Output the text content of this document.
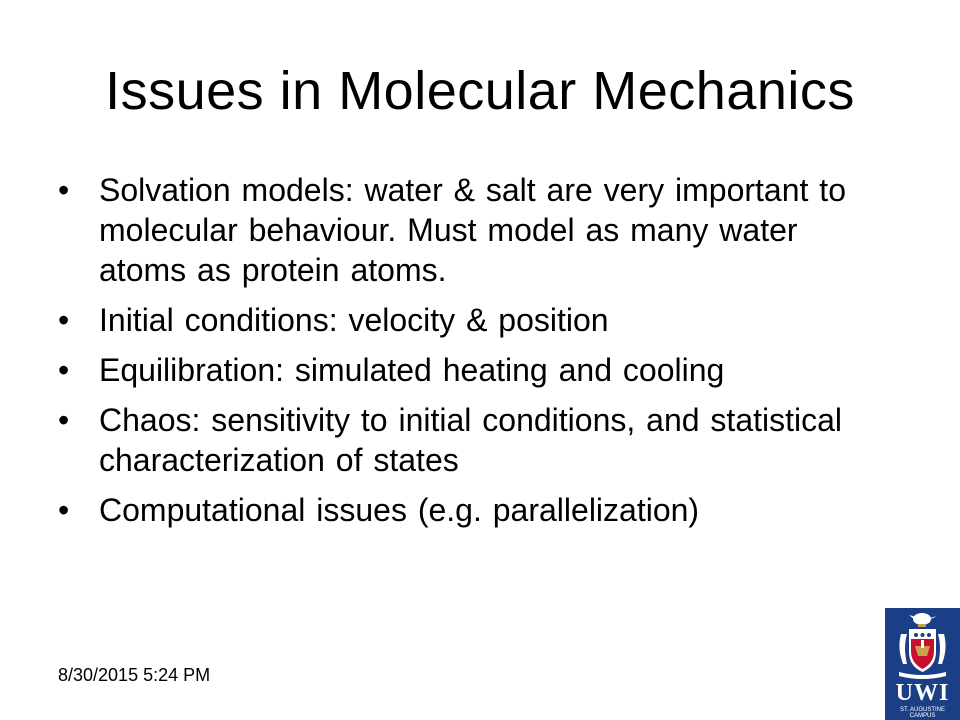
Issues in Molecular Mechanics
• Solvation models: water & salt are very important to molecular behaviour. Must model as many water atoms as protein atoms.
• Initial conditions: velocity & position
• Equilibration: simulated heating and cooling
• Chaos: sensitivity to initial conditions, and statistical characterization of states
• Computational issues (e.g. parallelization)
8/30/2015 5:24 PM
UWI
ST. AUGUSTINE
CAMPUS
